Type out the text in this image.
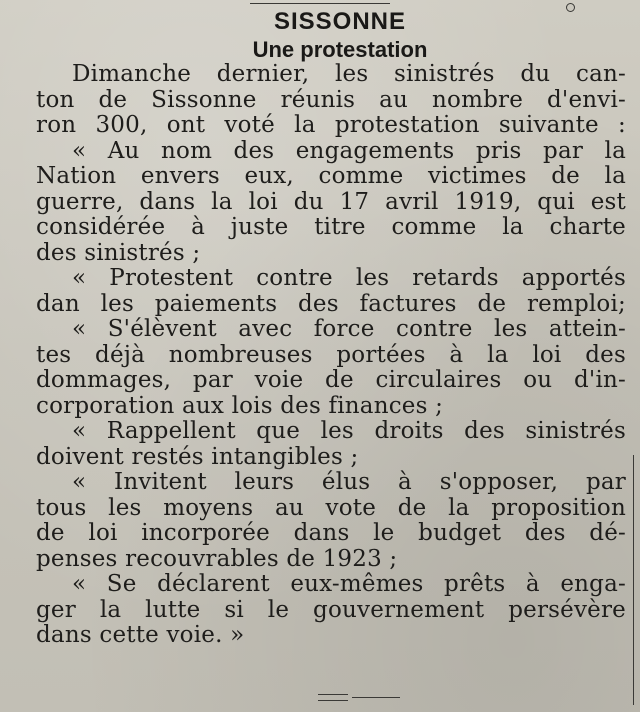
SISSONNE
Une protestation
Dimanche dernier, les sinistrés du can-
ton de Sissonne réunis au nombre d'envi-
ron 300, ont voté la protestation suivante :
« Au nom des engagements pris par la
Nation envers eux, comme victimes de la
guerre, dans la loi du 17 avril 1919, qui est
considérée à juste titre comme la charte
des sinistrés ;
« Protestent contre les retards apportés
dan les paiements des factures de remploi;
« S'élèvent avec force contre les attein-
tes déjà nombreuses portées à la loi des
dommages, par voie de circulaires ou d'in-
corporation aux lois des finances ;
« Rappellent que les droits des sinistrés
doivent restés intangibles ;
« Invitent leurs élus à s'opposer, par
tous les moyens au vote de la proposition
de loi incorporée dans le budget des dé-
penses recouvrables de 1923 ;
« Se déclarent eux-mêmes prêts à enga-
ger la lutte si le gouvernement persévère
dans cette voie. »
